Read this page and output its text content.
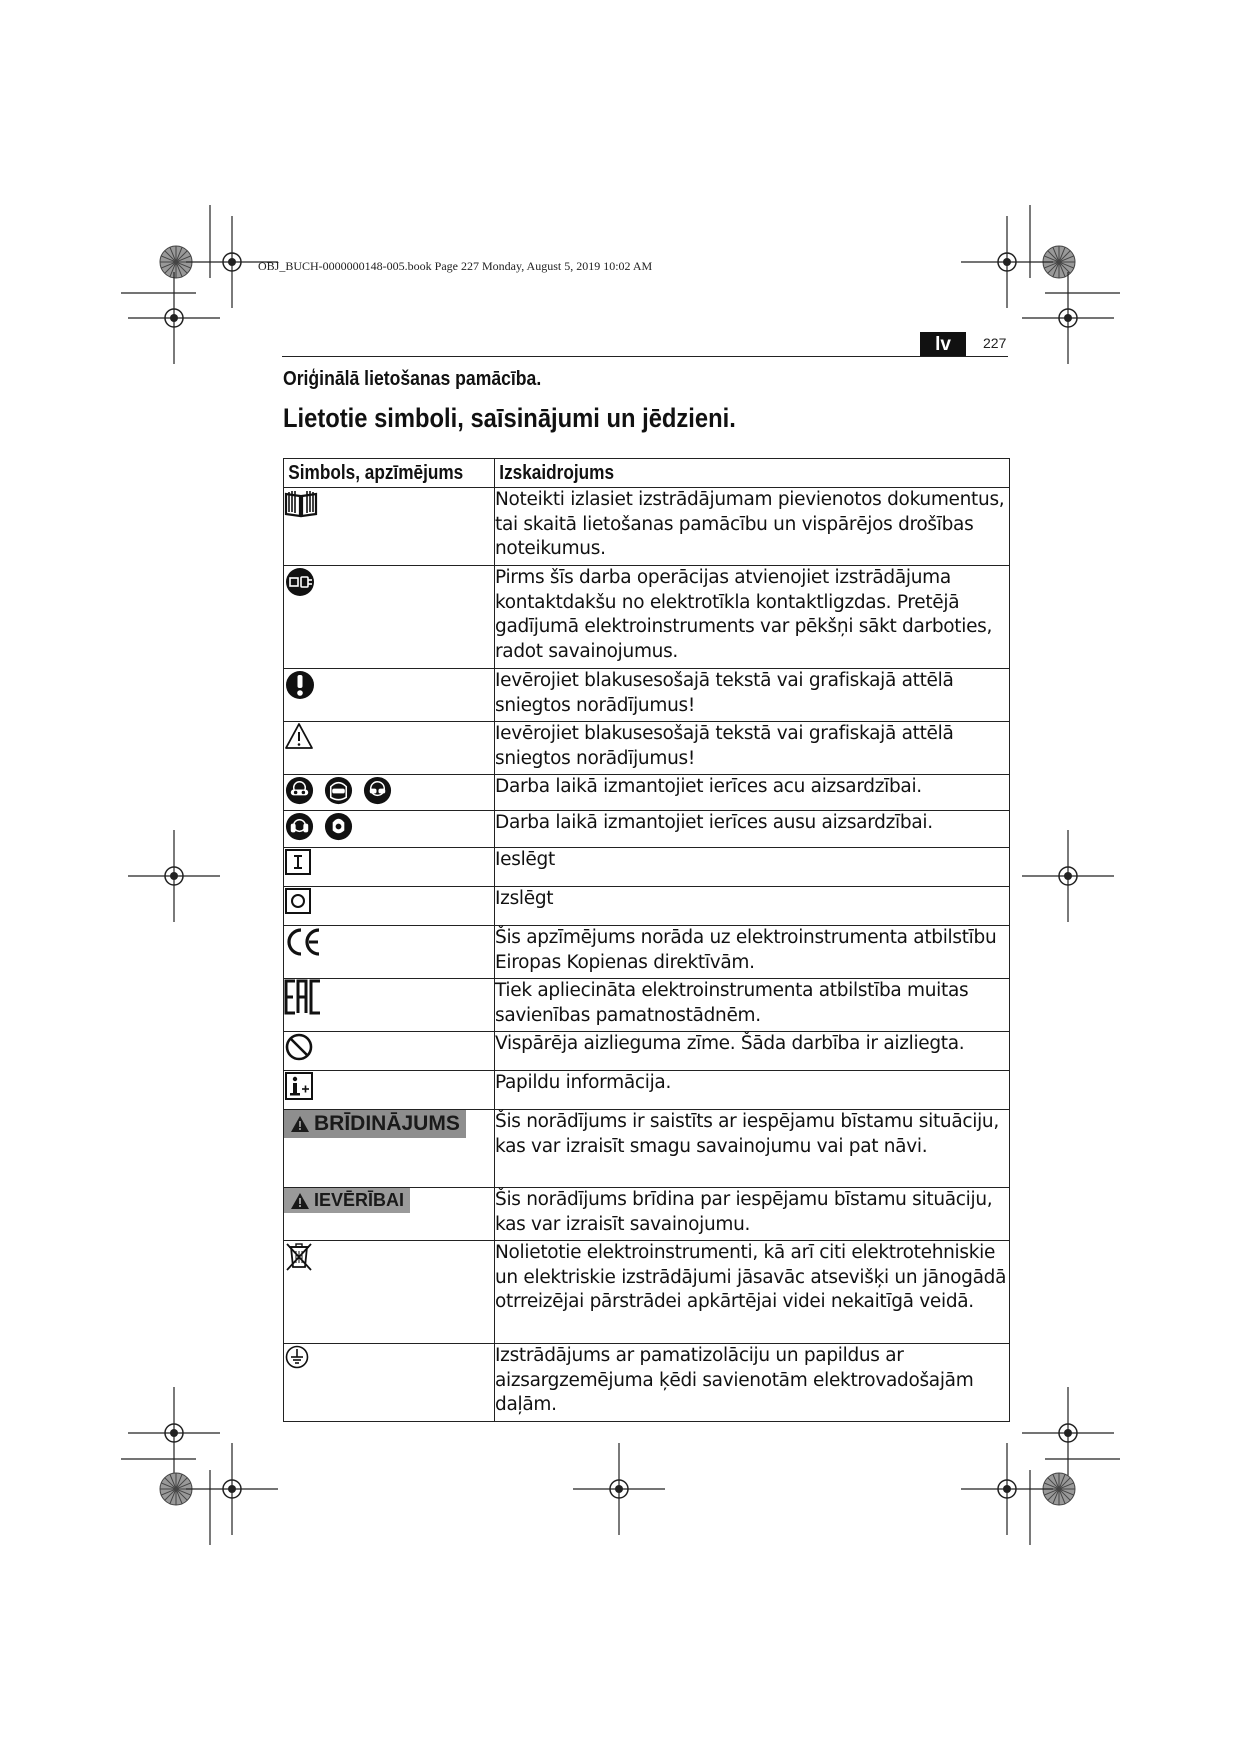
OBJ_BUCH-0000000148-005.book Page 227 Monday, August 5, 2019 10:02 AM
lv	227
Oriģinālā lietošanas pamācība.
Lietotie simboli, saīsinājumi un jēdzieni.
Simbols, apzīmējums	Izskaidrojums
	Noteikti izlasiet izstrādājumam pievienotos dokumentus, tai skaitā lietošanas pamācību un vispārējos drošības noteikumus.
	Pirms šīs darba operācijas atvienojiet izstrādājuma kontaktdakšu no elektrotīkla kontaktligzdas. Pretējā gadījumā elektroinstruments var pēkšņi sākt darboties, radot savainojumus.
	Ievērojiet blakusesošajā tekstā vai grafiskajā attēlā sniegtos norādījumus!
	Ievērojiet blakusesošajā tekstā vai grafiskajā attēlā sniegtos norādījumus!
	Darba laikā izmantojiet ierīces acu aizsardzībai.
	Darba laikā izmantojiet ierīces ausu aizsardzībai.
	Ieslēgt
	Izslēgt
	Šis apzīmējums norāda uz elektroinstrumenta atbilstību Eiropas Kopienas direktīvām.
	Tiek apliecināta elektroinstrumenta atbilstība muitas savienības pamatnostādnēm.
	Vispārēja aizlieguma zīme. Šāda darbība ir aizliegta.
	Papildu informācija.

BRĪDINĀJUMS	Šis norādījums ir saistīts ar iespējamu bīstamu situāciju, kas var izraisīt smagu savainojumu vai pat nāvi.

IEVĒRĪBAI	Šis norādījums brīdina par iespējamu bīstamu situāciju, kas var izraisīt savainojumu.
	Nolietotie elektroinstrumenti, kā arī citi elektrotehniskie un elektriskie izstrādājumi jāsavāc atsevišķi un jānogādā otrreizējai pārstrādei apkārtējai videi nekaitīgā veidā.
	Izstrādājums ar pamatizolāciju un papildus ar aizsargzemējuma ķēdi savienotām elektrovadošajām daļām.
